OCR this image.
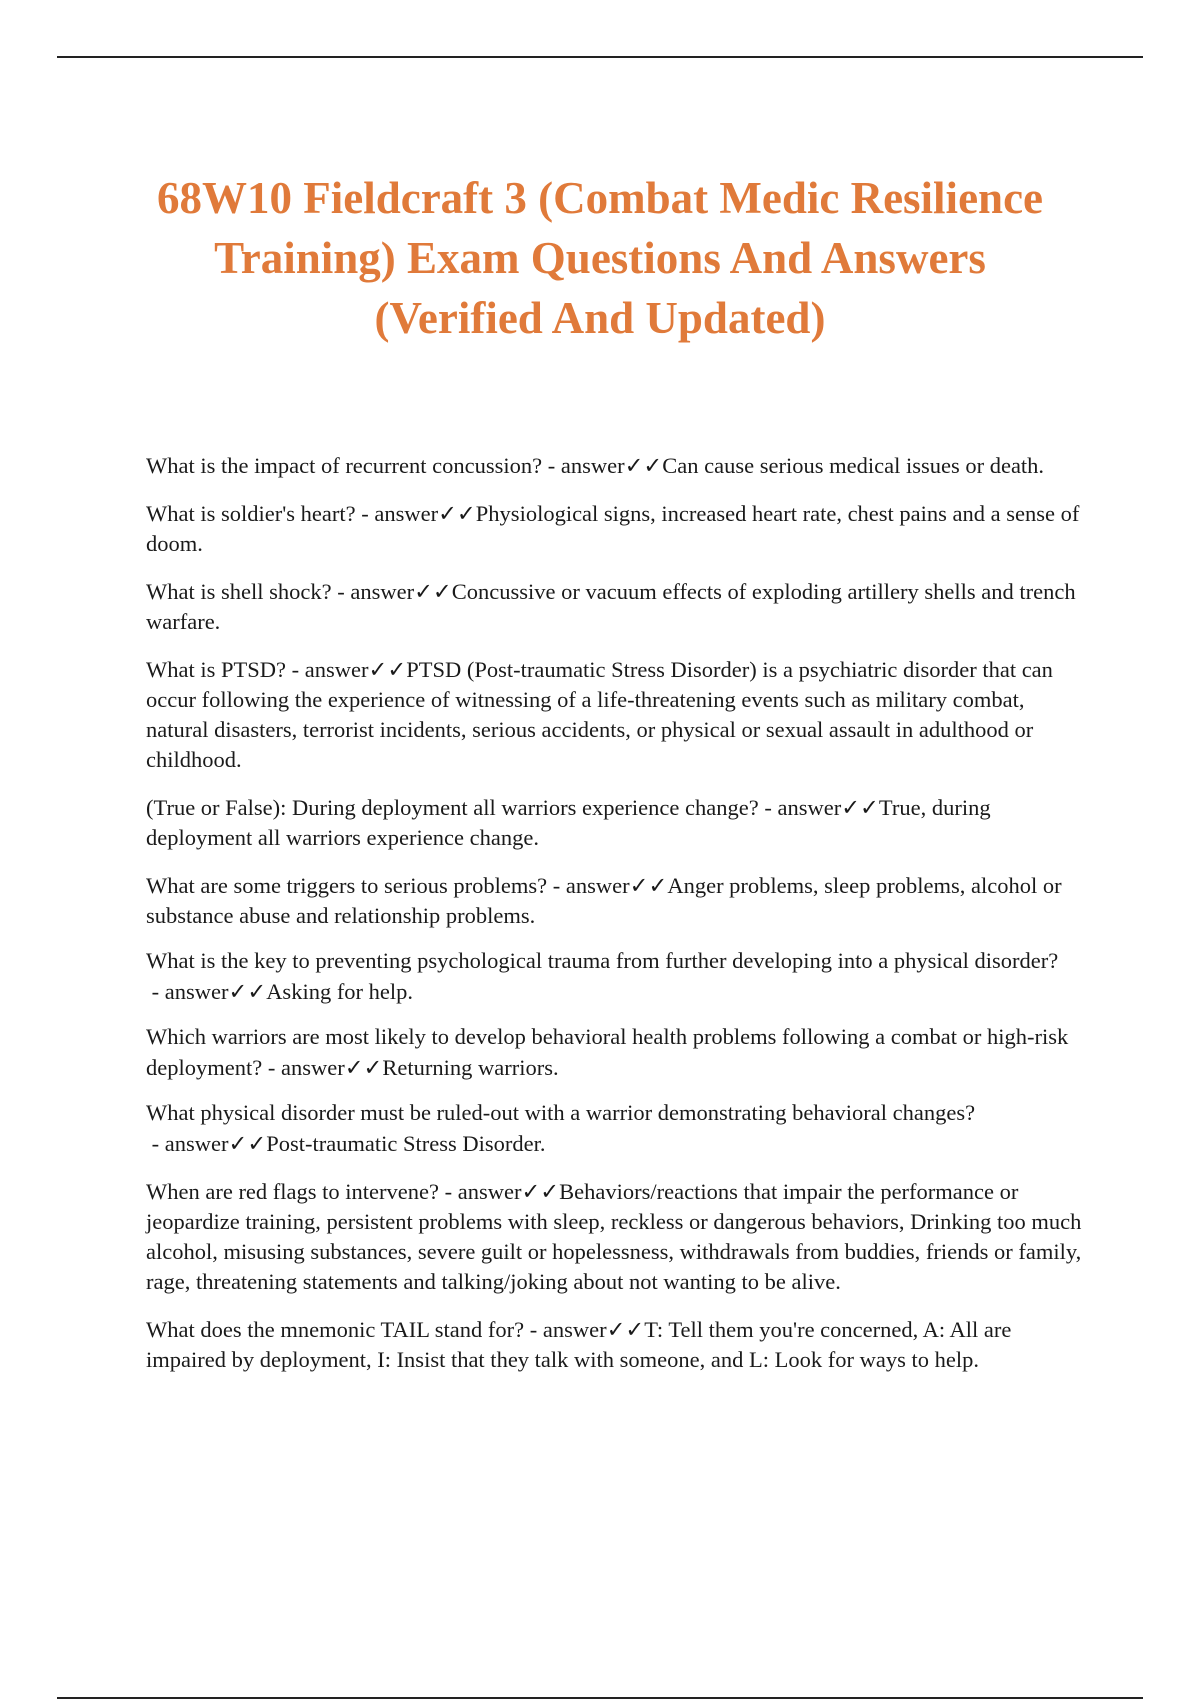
68W10 Fieldcraft 3 (Combat Medic Resilience Training) Exam Questions And Answers (Verified And Updated)
What is the impact of recurrent concussion? - answer✓✓Can cause serious medical issues or death.
What is soldier's heart? - answer✓✓Physiological signs, increased heart rate, chest pains and a sense of doom.
What is shell shock? - answer✓✓Concussive or vacuum effects of exploding artillery shells and trench warfare.
What is PTSD? - answer✓✓PTSD (Post-traumatic Stress Disorder) is a psychiatric disorder that can occur following the experience of witnessing of a life-threatening events such as military combat, natural disasters, terrorist incidents, serious accidents, or physical or sexual assault in adulthood or childhood.
(True or False): During deployment all warriors experience change? - answer✓✓True, during deployment all warriors experience change.
What are some triggers to serious problems? - answer✓✓Anger problems, sleep problems, alcohol or substance abuse and relationship problems.
What is the key to preventing psychological trauma from further developing into a physical disorder? - answer✓✓Asking for help.
Which warriors are most likely to develop behavioral health problems following a combat or high-risk deployment? - answer✓✓Returning warriors.
What physical disorder must be ruled-out with a warrior demonstrating behavioral changes? - answer✓✓Post-traumatic Stress Disorder.
When are red flags to intervene? - answer✓✓Behaviors/reactions that impair the performance or jeopardize training, persistent problems with sleep, reckless or dangerous behaviors, Drinking too much alcohol, misusing substances, severe guilt or hopelessness, withdrawals from buddies, friends or family, rage, threatening statements and talking/joking about not wanting to be alive.
What does the mnemonic TAIL stand for? - answer✓✓T: Tell them you're concerned, A: All are impaired by deployment, I: Insist that they talk with someone, and L: Look for ways to help.
